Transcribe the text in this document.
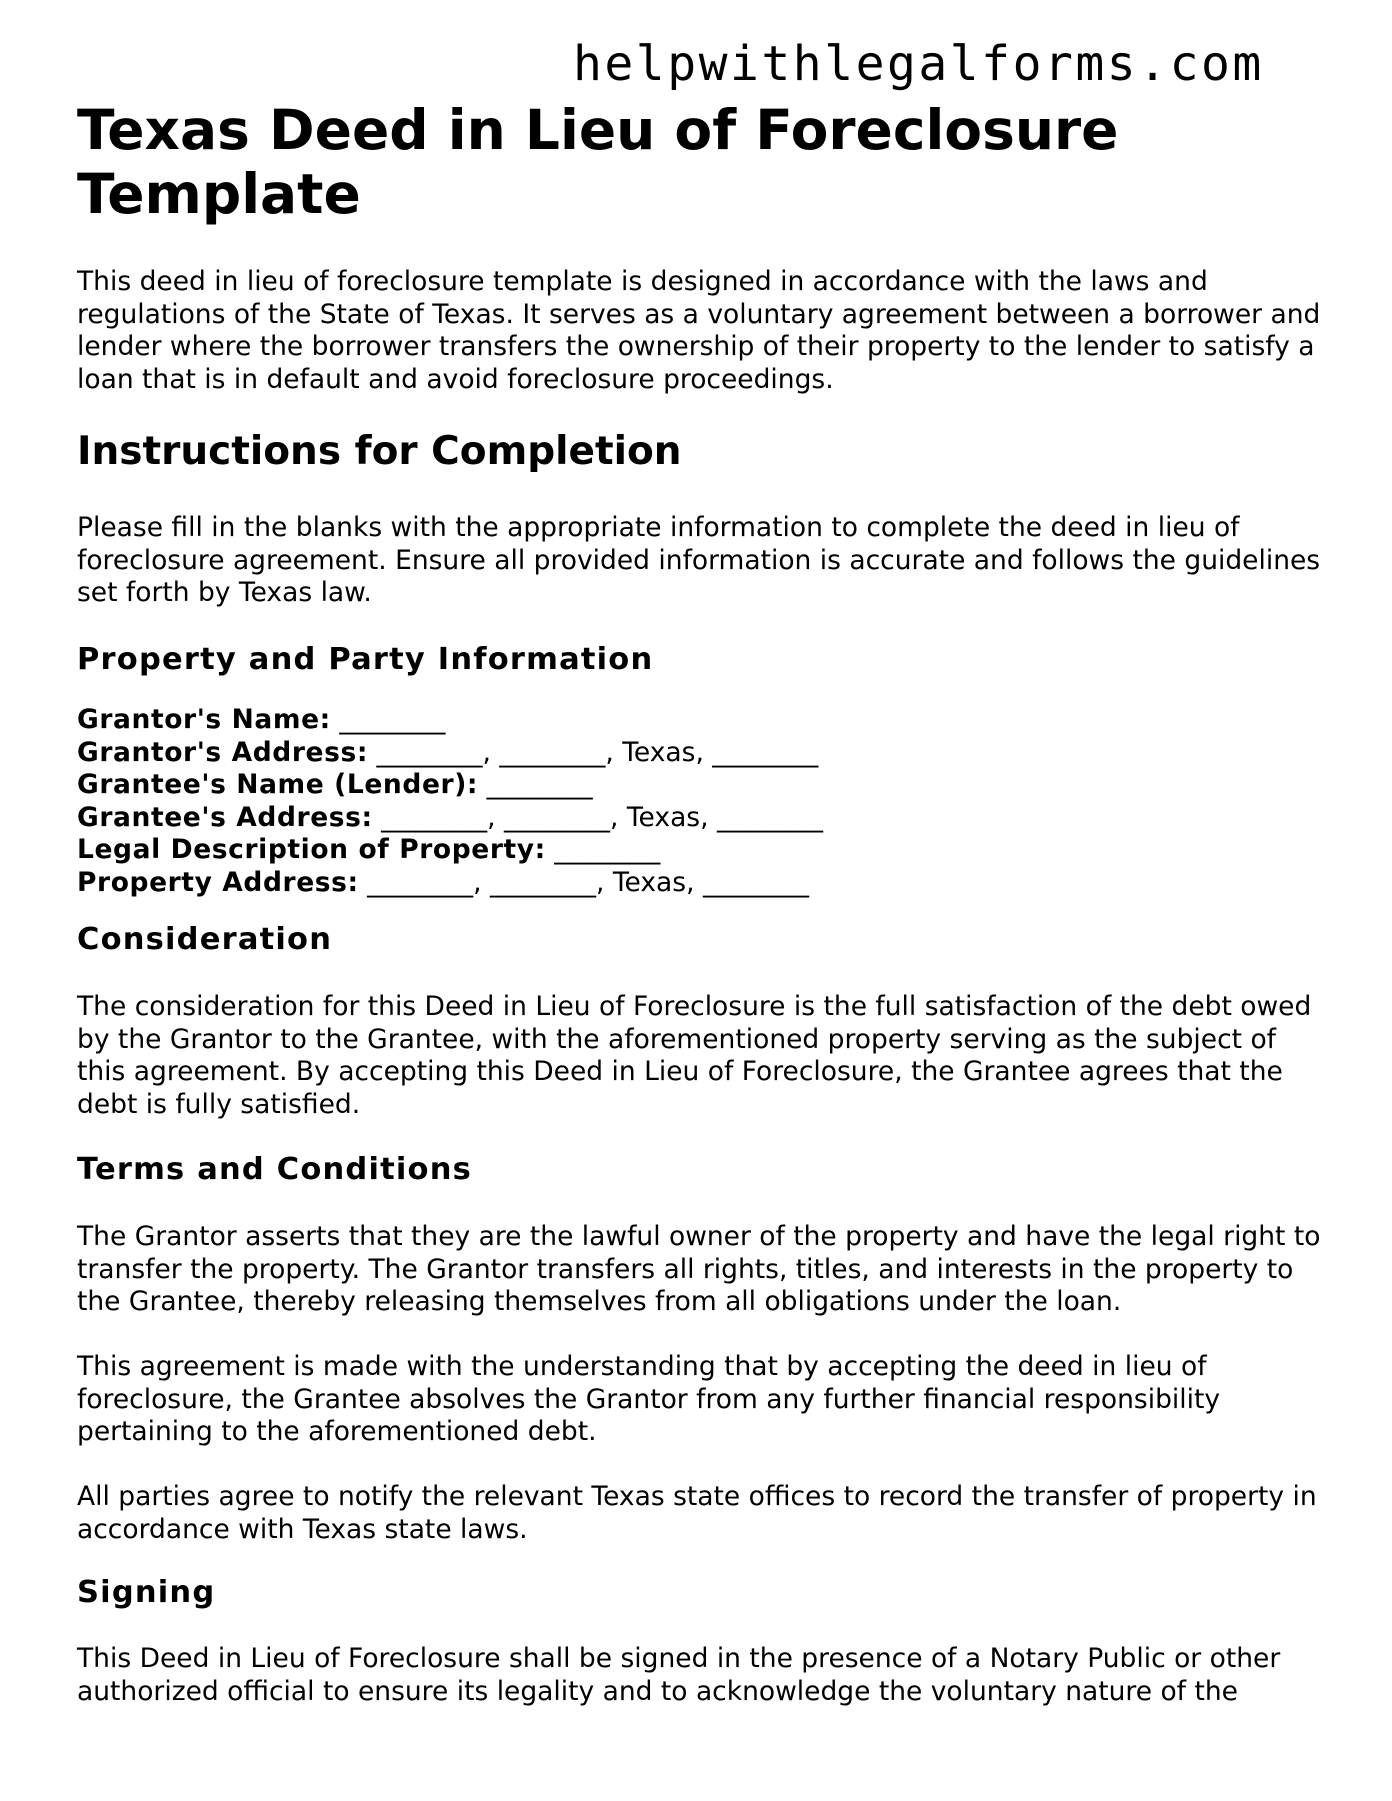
helpwithlegalforms.com
Texas Deed in Lieu of Foreclosure Template

This deed in lieu of foreclosure template is designed in accordance with the laws and regulations of the State of Texas. It serves as a voluntary agreement between a borrower and lender where the borrower transfers the ownership of their property to the lender to satisfy a loan that is in default and avoid foreclosure proceedings.

Instructions for Completion

Please fill in the blanks with the appropriate information to complete the deed in lieu of foreclosure agreement. Ensure all provided information is accurate and follows the guidelines set forth by Texas law.

Property and Party Information
Grantor's Name: ________
Grantor's Address: ________, ________, Texas, ________
Grantee's Name (Lender): ________
Grantee's Address: ________, ________, Texas, ________
Legal Description of Property: ________
Property Address: ________, ________, Texas, ________
Consideration

The consideration for this Deed in Lieu of Foreclosure is the full satisfaction of the debt owed by the Grantor to the Grantee, with the aforementioned property serving as the subject of this agreement. By accepting this Deed in Lieu of Foreclosure, the Grantee agrees that the debt is fully satisfied.

Terms and Conditions

The Grantor asserts that they are the lawful owner of the property and have the legal right to transfer the property. The Grantor transfers all rights, titles, and interests in the property to the Grantee, thereby releasing themselves from all obligations under the loan.

This agreement is made with the understanding that by accepting the deed in lieu of foreclosure, the Grantee absolves the Grantor from any further financial responsibility pertaining to the aforementioned debt.

All parties agree to notify the relevant Texas state offices to record the transfer of property in accordance with Texas state laws.

Signing

This Deed in Lieu of Foreclosure shall be signed in the presence of a Notary Public or other authorized official to ensure its legality and to acknowledge the voluntary nature of the
